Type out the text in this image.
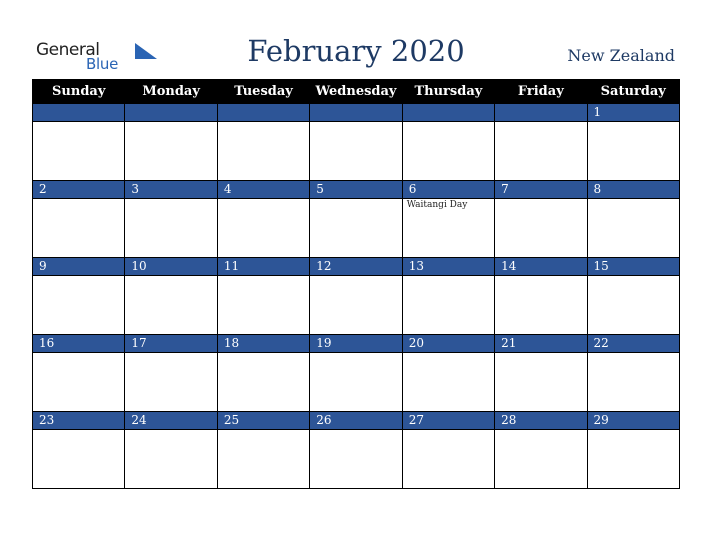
General
Blue	February 2020	New Zealand
Sunday	Monday	Tuesday	Wednesday	Thursday	Friday	Saturday
						1

2	3	4	5	6	7	8

				Waitangi Day		

9	10	11	12	13	14	15

16	17	18	19	20	21	22

23	24	25	26	27	28	29
